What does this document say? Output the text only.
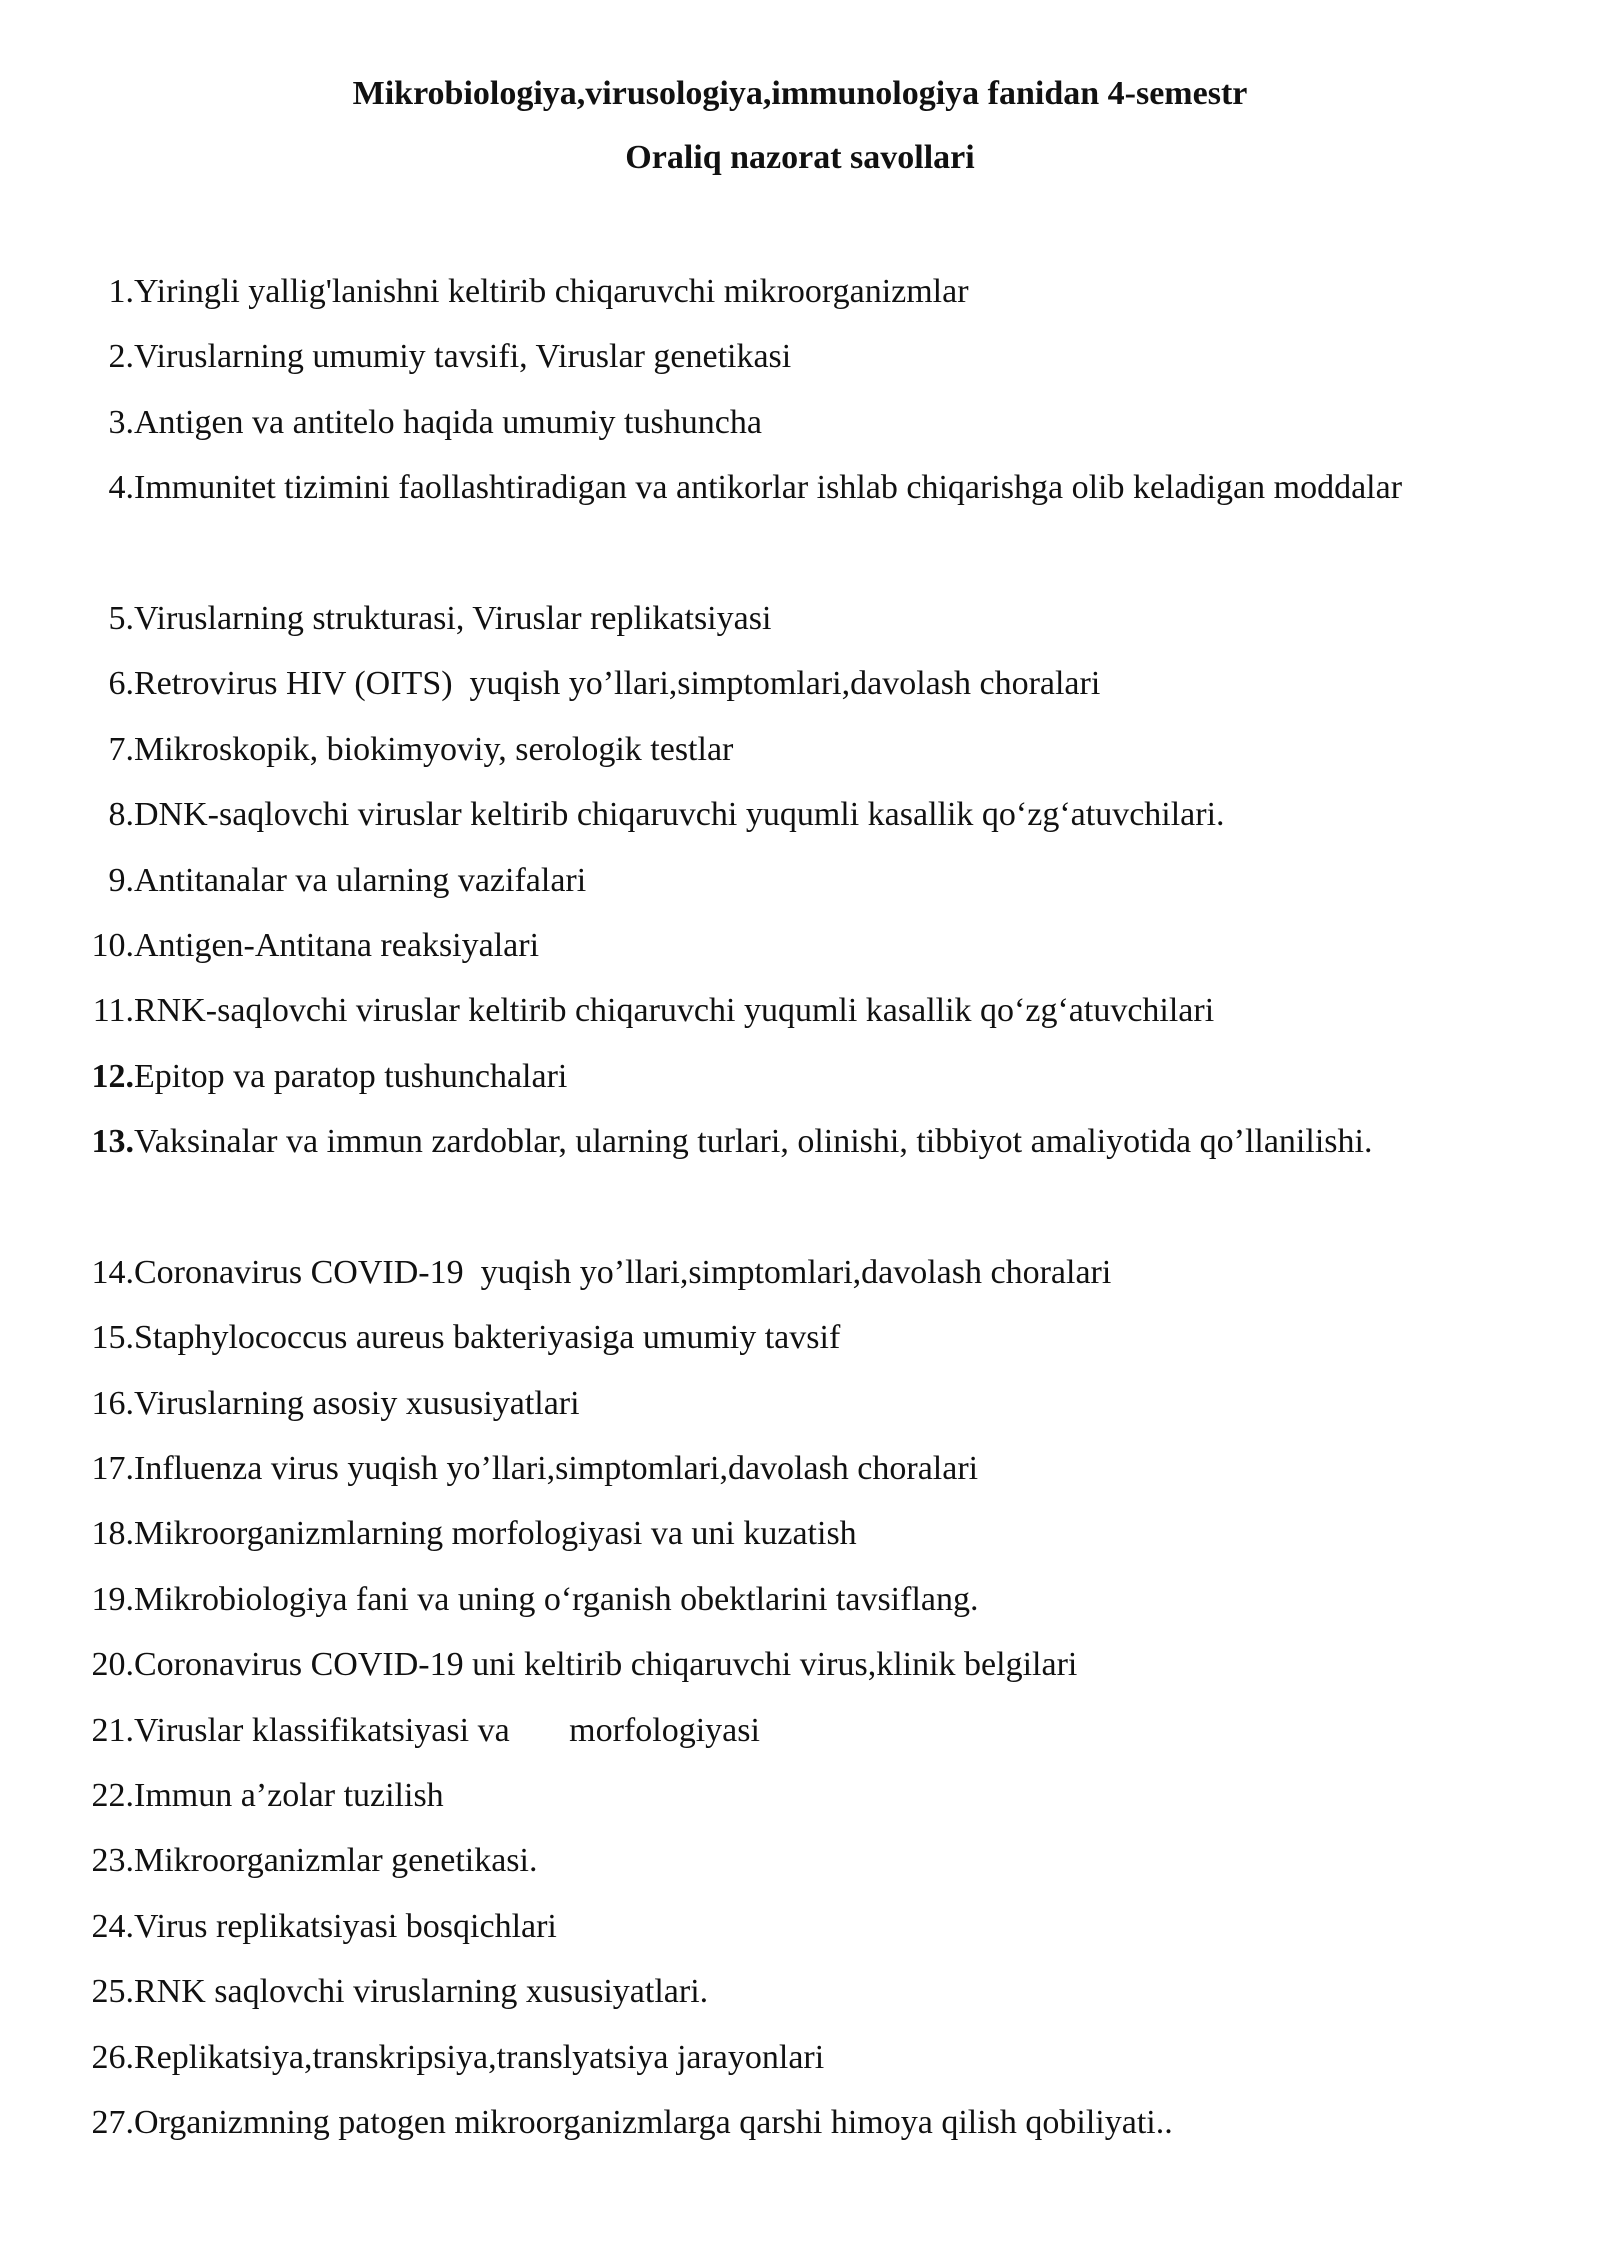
Mikrobiologiya,virusologiya,immunologiya fanidan 4-semestr

Oraliq nazorat savollari

1. Yiringli yallig'lanishni keltirib chiqaruvchi mikroorganizmlar
2. Viruslarning umumiy tavsifi, Viruslar genetikasi
3. Antigen va antitelo haqida umumiy tushuncha
4. Immunitet tizimini faollashtiradigan va antikorlar ishlab chiqarishga olib keladigan moddalar
5. Viruslarning strukturasi, Viruslar replikatsiyasi
6. Retrovirus HIV (OITS)  yuqish yo’llari,simptomlari,davolash choralari
7. Mikroskopik, biokimyoviy, serologik testlar
8. DNK-saqlovchi viruslar keltirib chiqaruvchi yuqumli kasallik qo‘zg‘atuvchilari.
9. Antitanalar va ularning vazifalari
10. Antigen-Antitana reaksiyalari
11. RNK-saqlovchi viruslar keltirib chiqaruvchi yuqumli kasallik qo‘zg‘atuvchilari
12. Epitop va paratop tushunchalari
13. Vaksinalar va immun zardoblar, ularning turlari, olinishi, tibbiyot amaliyotida qo’llanilishi.
14. Coronavirus COVID-19  yuqish yo’llari,simptomlari,davolash choralari
15. Staphylococcus aureus bakteriyasiga umumiy tavsif
16. Viruslarning asosiy xususiyatlari
17. Influenza virus yuqish yo’llari,simptomlari,davolash choralari
18. Mikroorganizmlarning morfologiyasi va uni kuzatish
19. Mikrobiologiya fani va uning o‘rganish obektlarini tavsiflang.
20. Coronavirus COVID-19 uni keltirib chiqaruvchi virus,klinik belgilari
21. Viruslar klassifikatsiyasi va       morfologiyasi
22. Immun a’zolar tuzilish
23. Mikroorganizmlar genetikasi.
24. Virus replikatsiyasi bosqichlari
25. RNK saqlovchi viruslarning xususiyatlari.
26. Replikatsiya,transkripsiya,translyatsiya jarayonlari
27. Organizmning patogen mikroorganizmlarga qarshi himoya qilish qobiliyati..
